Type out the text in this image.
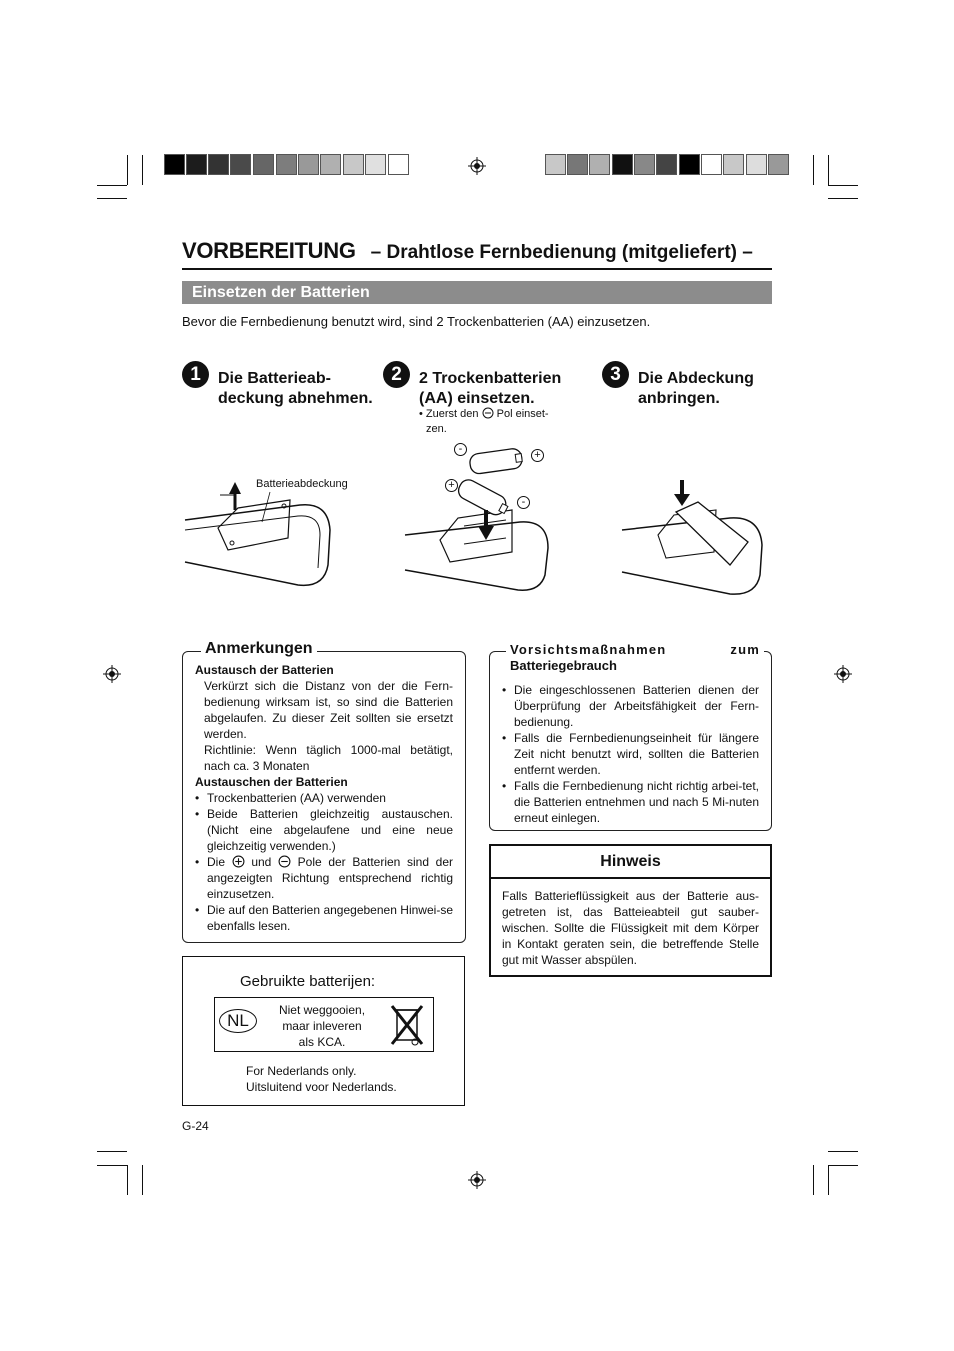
VORBEREITUNG   – Drahtlose Fernbedienung (mitgeliefert) –
Einsetzen der Batterien
Bevor die Fernbedienung benutzt wird, sind 2 Trockenbatterien (AA) einzusetzen.
1	Die Batterieab-
deckung abnehmen.
2	2 Trockenbatterien
(AA) einsetzen.
• Zuerst den Pol einset-
zen.
3	Die Abdeckung
anbringen.
Batterieabdeckung
-	+
+
-
Anmerkungen

Austausch der Batterien

Verkürzt sich die Distanz von der die Fern-bedienung wirksam ist, so sind die Batterien abgelaufen. Zu dieser Zeit sollten sie ersetzt werden.

Richtlinie: Wenn täglich 1000-mal betätigt, nach ca. 3 Monaten

Austauschen der Batterien

• Trockenbatterien (AA) verwenden
• Beide Batterien gleichzeitig austauschen. (Nicht eine abgelaufene und eine neue gleichzeitig verwenden.)
• Die und Pole der Batterien sind der angezeigten Richtung entsprechend richtig einzusetzen.
• Die auf den Batterien angegebenen Hinwei-se ebenfalls lesen.
Vorsichtsmaßnahmen	zum

Batteriegebrauch
• Die eingeschlossenen Batterien dienen der Überprüfung der Arbeitsfähigkeit der Fern-bedienung.
• Falls die Fernbedienungseinheit für längere Zeit nicht benutzt wird, sollten die Batterien entfernt werden.
• Falls die Fernbedienung nicht richtig arbei-tet, die Batterien entnehmen und nach 5 Mi-nuten erneut einlegen.
Hinweis
Falls Batterieflüssigkeit aus der Batterie aus-getreten ist, das Batteieabteil gut sauber-wischen. Sollte die Flüssigkeit mit dem Körper in Kontakt geraten sein, die betreffende Stelle gut mit Wasser abspülen.
Gebruikte batterijen:
NL
Niet weggooien,
maar inleveren
als KCA.
For Nederlands only.
Uitsluitend voor Nederlands.
G-24
